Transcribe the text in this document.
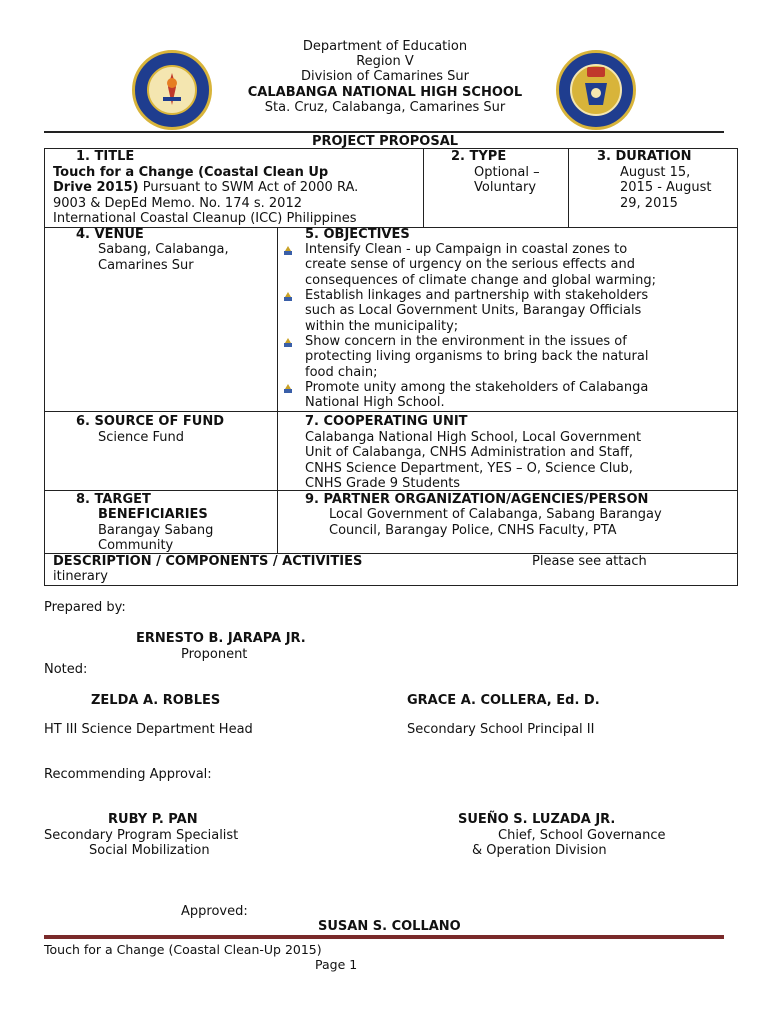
Department of Education
Region V
Division of Camarines Sur
CALABANGA NATIONAL HIGH SCHOOL
Sta. Cruz, Calabanga, Camarines Sur
PROJECT PROPOSAL
1. TITLE
Touch for a Change (Coastal Clean Up
Drive 2015) Pursuant to SWM Act of 2000 RA.
9003 & DepEd Memo. No. 174 s. 2012
International Coastal Cleanup (ICC) Philippines
2. TYPE
Optional –
Voluntary
3. DURATION
August 15,
2015 - August
29, 2015
4. VENUE
Sabang, Calabanga,
Camarines Sur
5. OBJECTIVES
Intensify Clean - up Campaign in coastal zones to
create sense of urgency on the serious effects and
consequences of climate change and global warming;
Establish linkages and partnership with stakeholders
such as Local Government Units, Barangay Officials
within the municipality;
Show concern in the environment in the issues of
protecting living organisms to bring back the natural
food chain;
Promote unity among the stakeholders of Calabanga
National High School.
6. SOURCE OF FUND
Science Fund
7. COOPERATING UNIT
Calabanga National High School, Local Government
Unit of Calabanga, CNHS Administration and Staff,
CNHS Science Department, YES – O, Science Club,
CNHS Grade 9 Students
8. TARGET
BENEFICIARIES
Barangay Sabang
Community
9. PARTNER ORGANIZATION/AGENCIES/PERSON
Local Government of Calabanga, Sabang Barangay
Council, Barangay Police, CNHS Faculty, PTA
DESCRIPTION / COMPONENTS / ACTIVITIES	Please see attach
itinerary
Prepared by:
ERNESTO B. JARAPA JR.
Proponent
Noted:
ZELDA A. ROBLES
HT III Science Department Head
GRACE A. COLLERA, Ed. D.
Secondary School Principal II
Recommending Approval:
RUBY P. PAN
Secondary Program Specialist
Social Mobilization
SUEÑO S. LUZADA JR.
Chief, School Governance
& Operation Division
Approved:
SUSAN S. COLLANO
Touch for a Change (Coastal Clean-Up 2015)
Page 1
